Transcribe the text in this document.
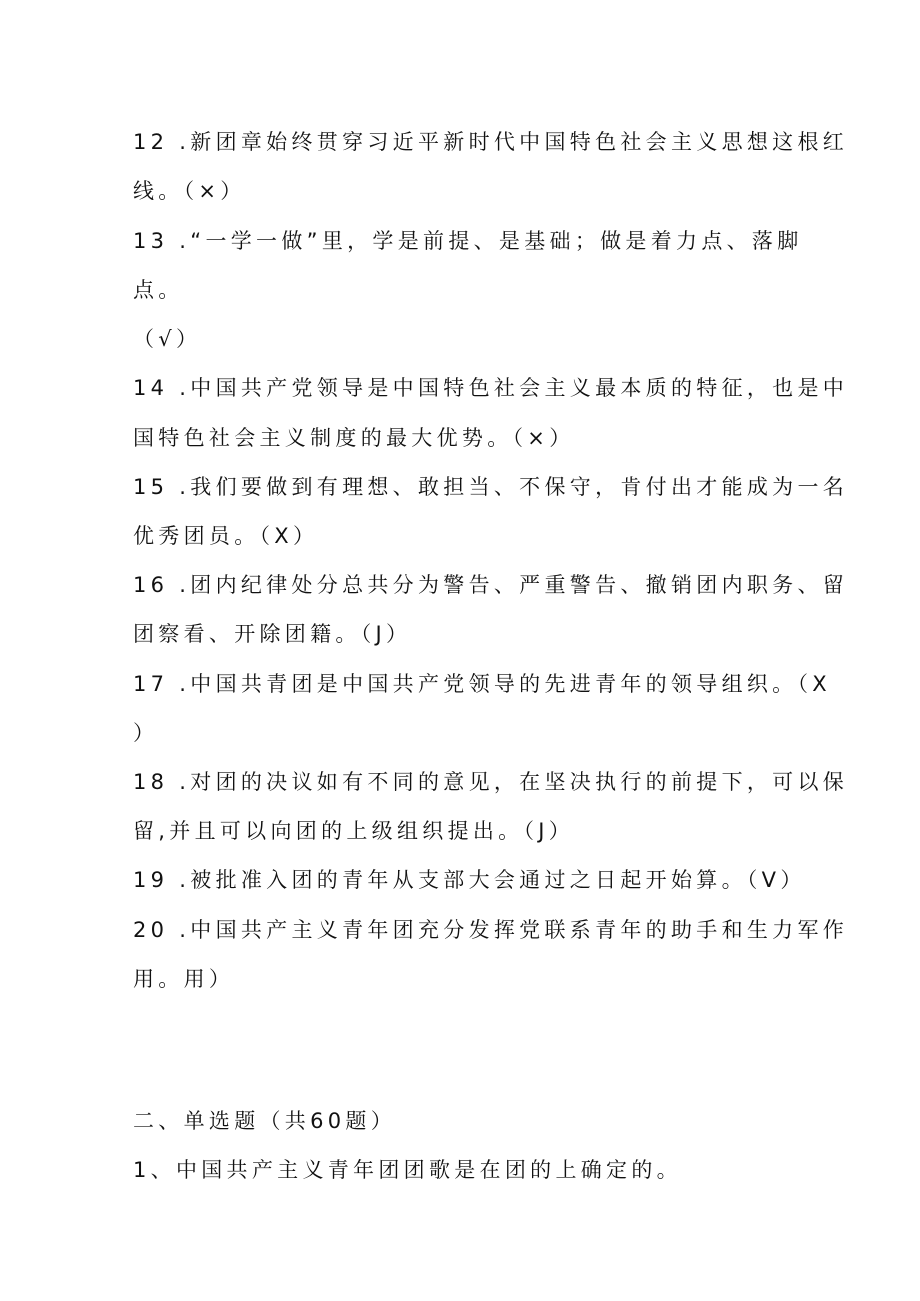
12 .新团章始终贯穿习近平新时代中国特色社会主义思想这根红
线。（×）
13 .“一学一做”里，学是前提、是基础；做是着力点、落脚
点。
（√）
14 .中国共产党领导是中国特色社会主义最本质的特征，也是中
国特色社会主义制度的最大优势。（×）
15 .我们要做到有理想、敢担当、不保守，肯付出才能成为一名
优秀团员。（X）
16 .团内纪律处分总共分为警告、严重警告、撤销团内职务、留
团察看、开除团籍。（J）
17 .中国共青团是中国共产党领导的先进青年的领导组织。（X
）
18 .对团的决议如有不同的意见，在坚决执行的前提下，可以保
留,并且可以向团的上级组织提出。（J）
19 .被批准入团的青年从支部大会通过之日起开始算。（V）
20 .中国共产主义青年团充分发挥党联系青年的助手和生力军作
用。用）
二、单选题（共60题）
1、中国共产主义青年团团歌是在团的上确定的。
